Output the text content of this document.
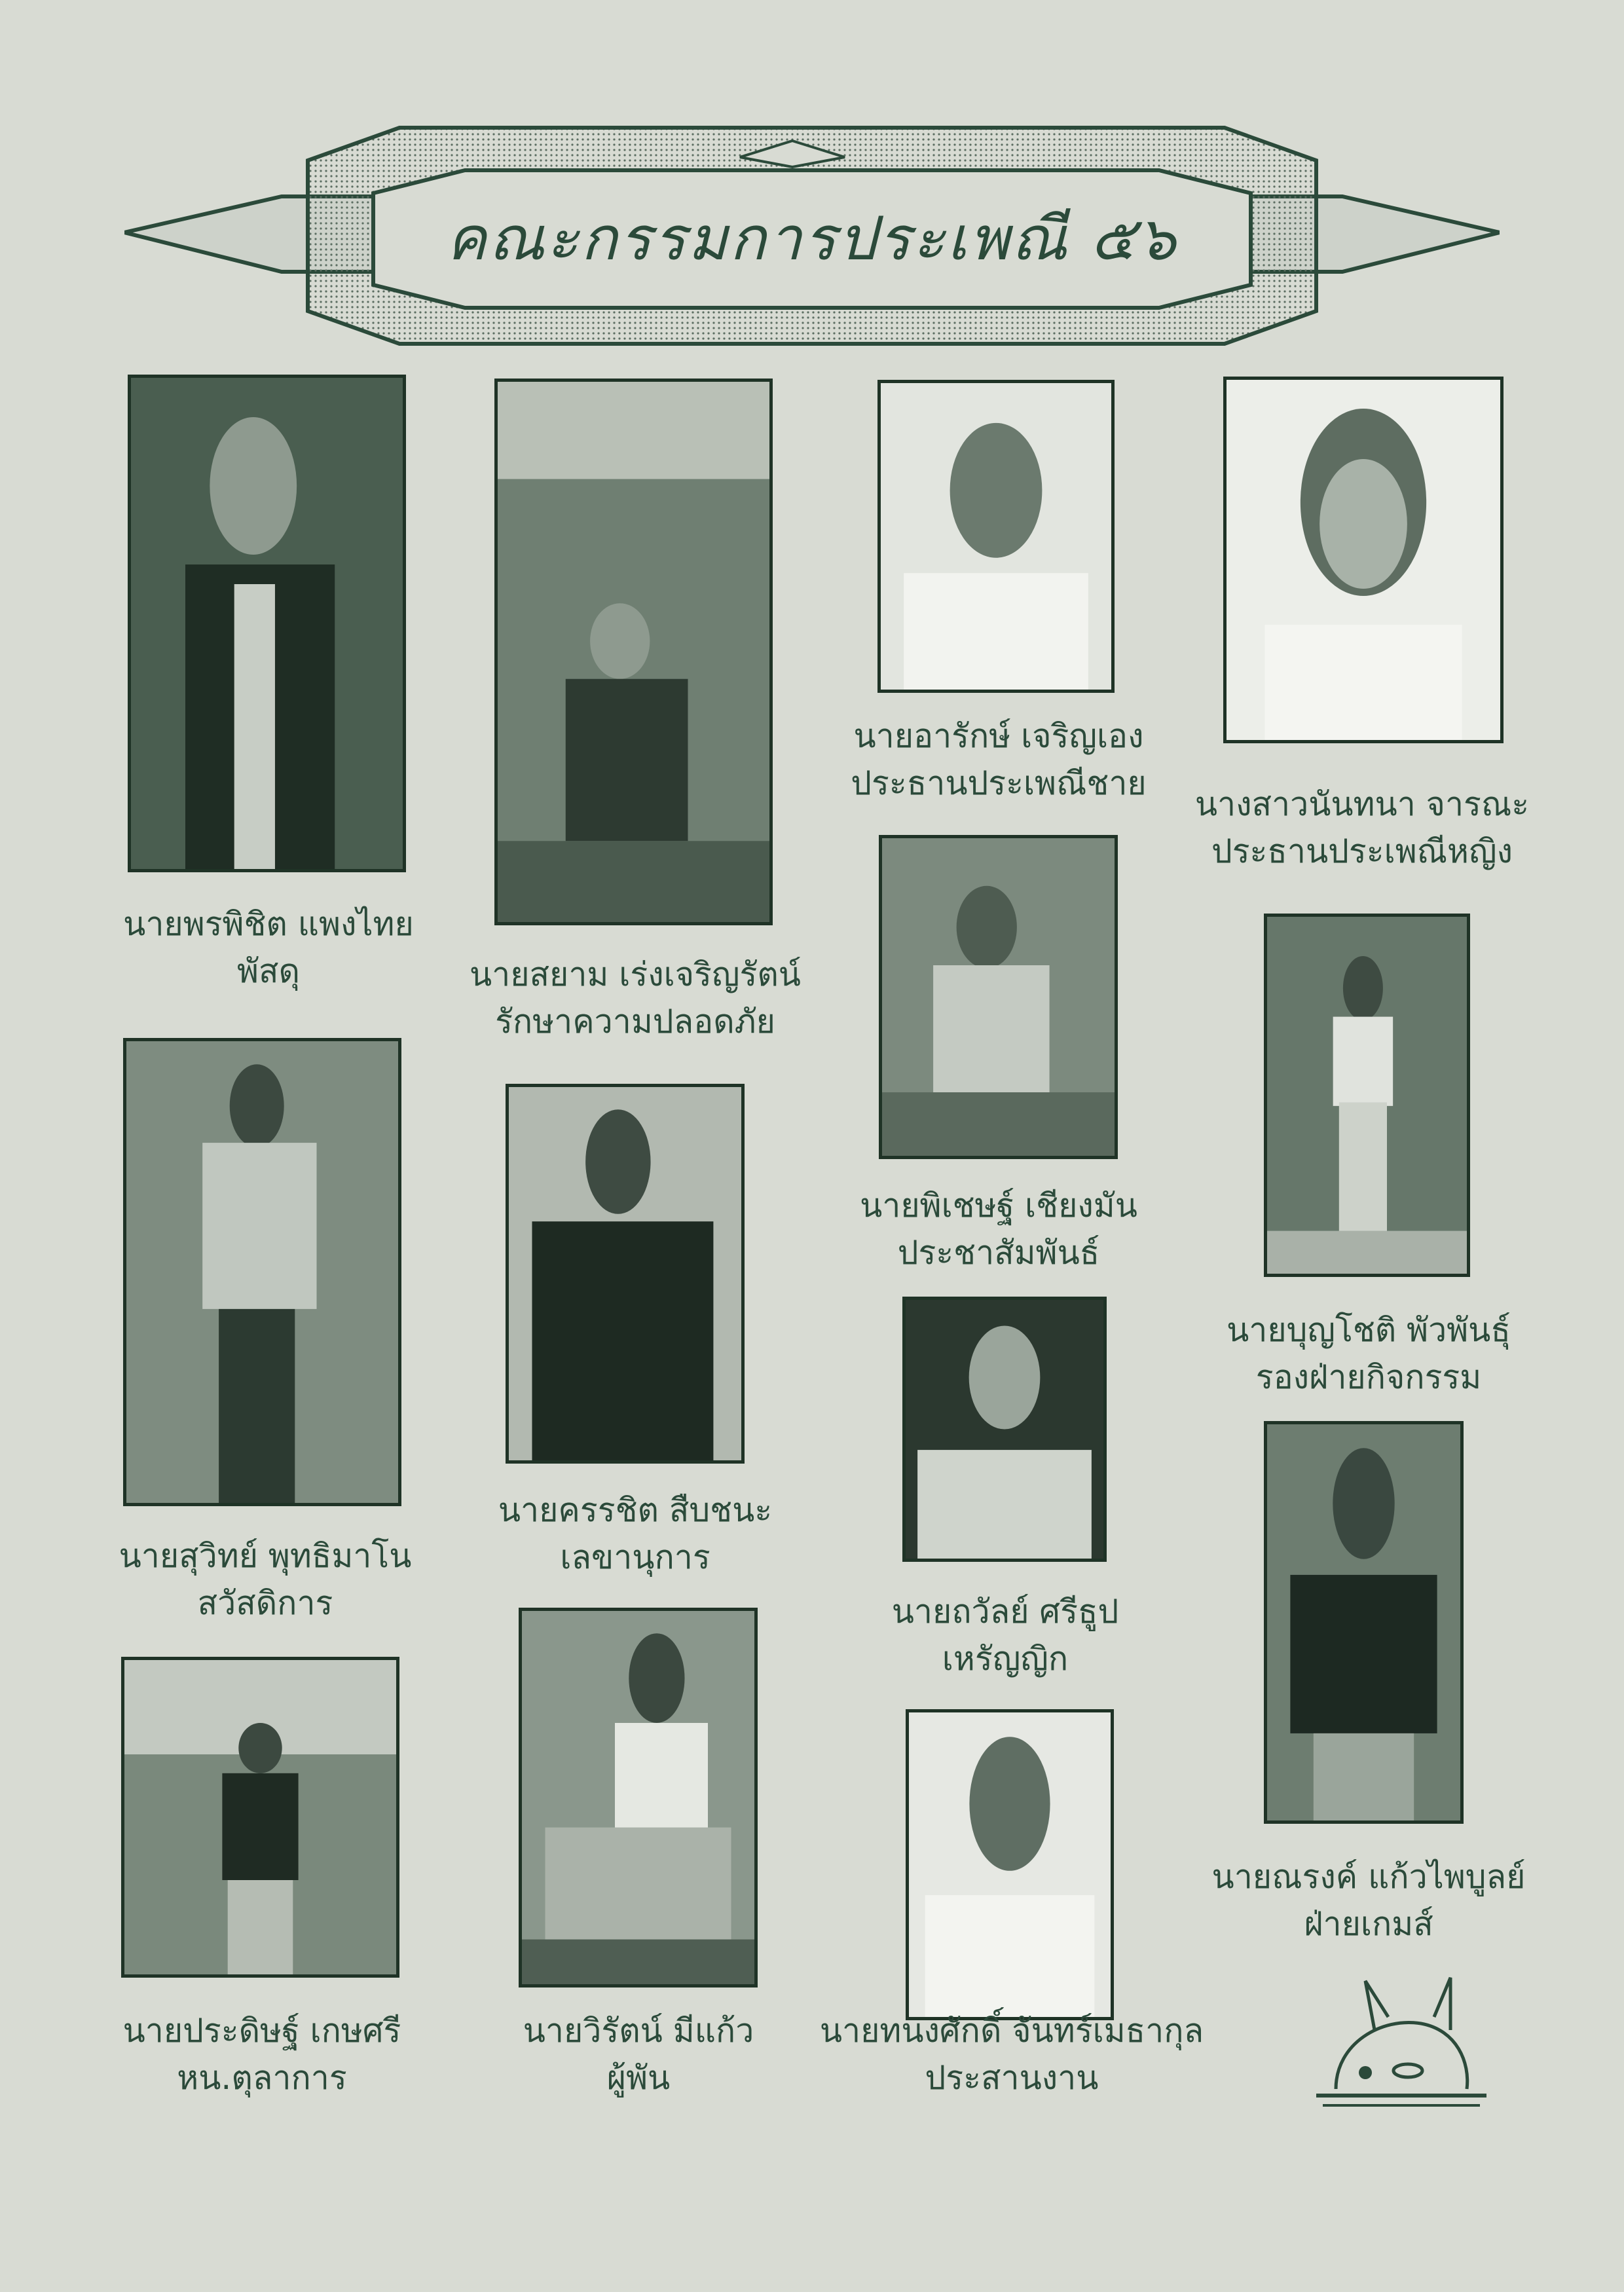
คณะกรรมการประเพณี ๕๖
นายพรพิชิต แพงไทย
พัสดุ	นายสยาม เร่งเจริญรัตน์
รักษาความปลอดภัย
นายอารักษ์ เจริญเอง
ประธานประเพณีชาย
นางสาวนันทนา จารณะ
ประธานประเพณีหญิง
นายพิเชษฐ์ เชียงมัน
ประชาสัมพันธ์
นายบุญโชติ พัวพันธุ์
รองฝ่ายกิจกรรม
นายสุวิทย์ พุทธิมาโน
สวัสดิการ
นายครรชิต สืบชนะ
เลขานุการ
นายถวัลย์ ศรีธูป
เหรัญญิก
นายณรงค์ แก้วไพบูลย์
ฝ่ายเกมส์
นายประดิษฐ์ เกษศรี
หน.ตุลาการ
นายวิรัตน์ มีแก้ว
ผู้พัน
นายทนงศักดิ์ จันทร์เมธากุล
ประสานงาน
